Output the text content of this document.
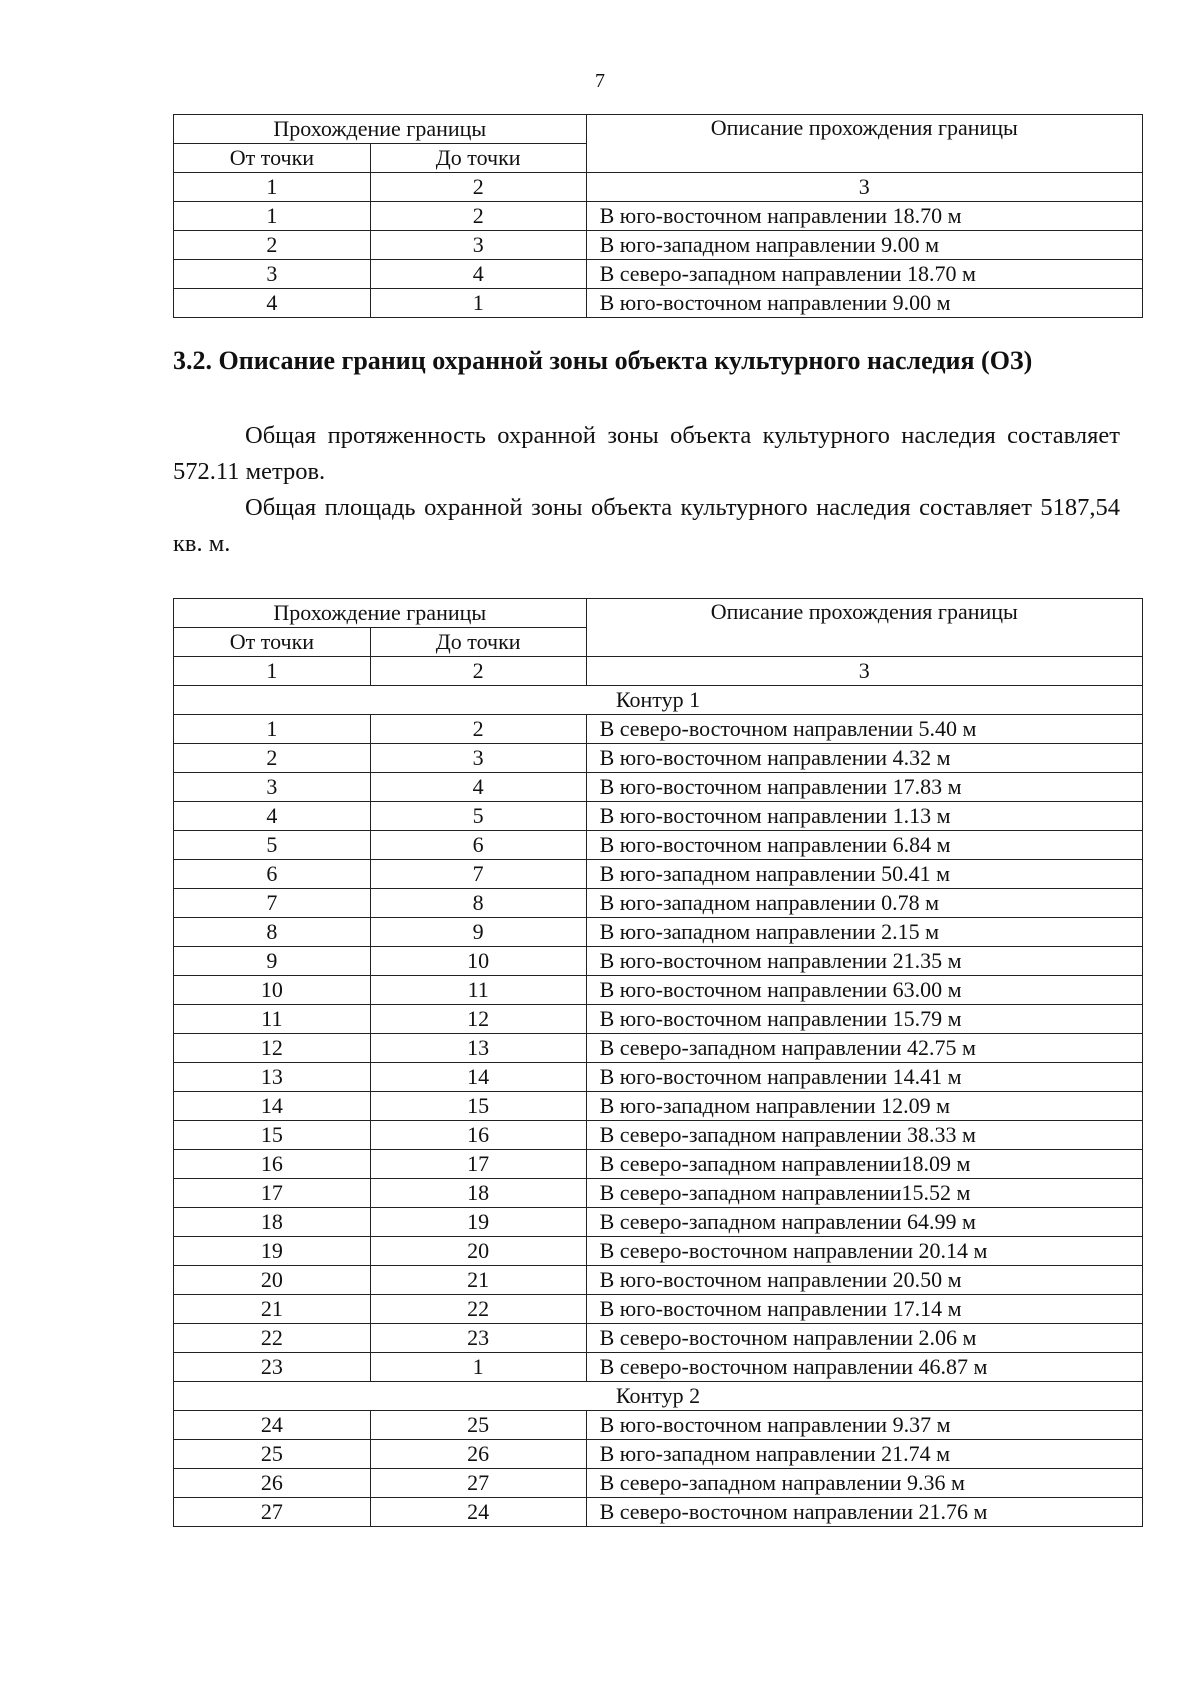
7
Прохождение границы		Описание прохождения границы
От точки	До точки	
1	2	3
1	2	В юго-восточном направлении 18.70 м
2	3	В юго-западном направлении 9.00 м
3	4	В северо-западном направлении 18.70 м
4	1	В юго-восточном направлении 9.00 м
3.2. Описание границ охранной зоны объекта культурного наследия (ОЗ)

Общая протяженность охранной зоны объекта культурного наследия составляет 572.11 метров.

Общая площадь охранной зоны объекта культурного наследия составляет 5187,54 кв. м.

Прохождение границы		Описание прохождения границы
От точки	До точки	
1	2	3
Контур 1		
1	2	В северо-восточном направлении 5.40 м
2	3	В юго-восточном направлении 4.32 м
3	4	В юго-восточном направлении 17.83 м
4	5	В юго-восточном направлении 1.13 м
5	6	В юго-восточном направлении 6.84 м
6	7	В юго-западном направлении 50.41 м
7	8	В юго-западном направлении 0.78 м
8	9	В юго-западном направлении 2.15 м
9	10	В юго-восточном направлении 21.35 м
10	11	В юго-восточном направлении 63.00 м
11	12	В юго-восточном направлении 15.79 м
12	13	В северо-западном направлении 42.75 м
13	14	В юго-восточном направлении 14.41 м
14	15	В юго-западном направлении 12.09 м
15	16	В северо-западном направлении 38.33 м
16	17	В северо-западном направлении18.09 м
17	18	В северо-западном направлении15.52 м
18	19	В северо-западном направлении 64.99 м
19	20	В северо-восточном направлении 20.14 м
20	21	В юго-восточном направлении 20.50 м
21	22	В юго-восточном направлении 17.14 м
22	23	В северо-восточном направлении 2.06 м
23	1	В северо-восточном направлении 46.87 м
Контур 2		
24	25	В юго-восточном направлении 9.37 м
25	26	В юго-западном направлении 21.74 м
26	27	В северо-западном направлении 9.36 м
27	24	В северо-восточном направлении 21.76 м
